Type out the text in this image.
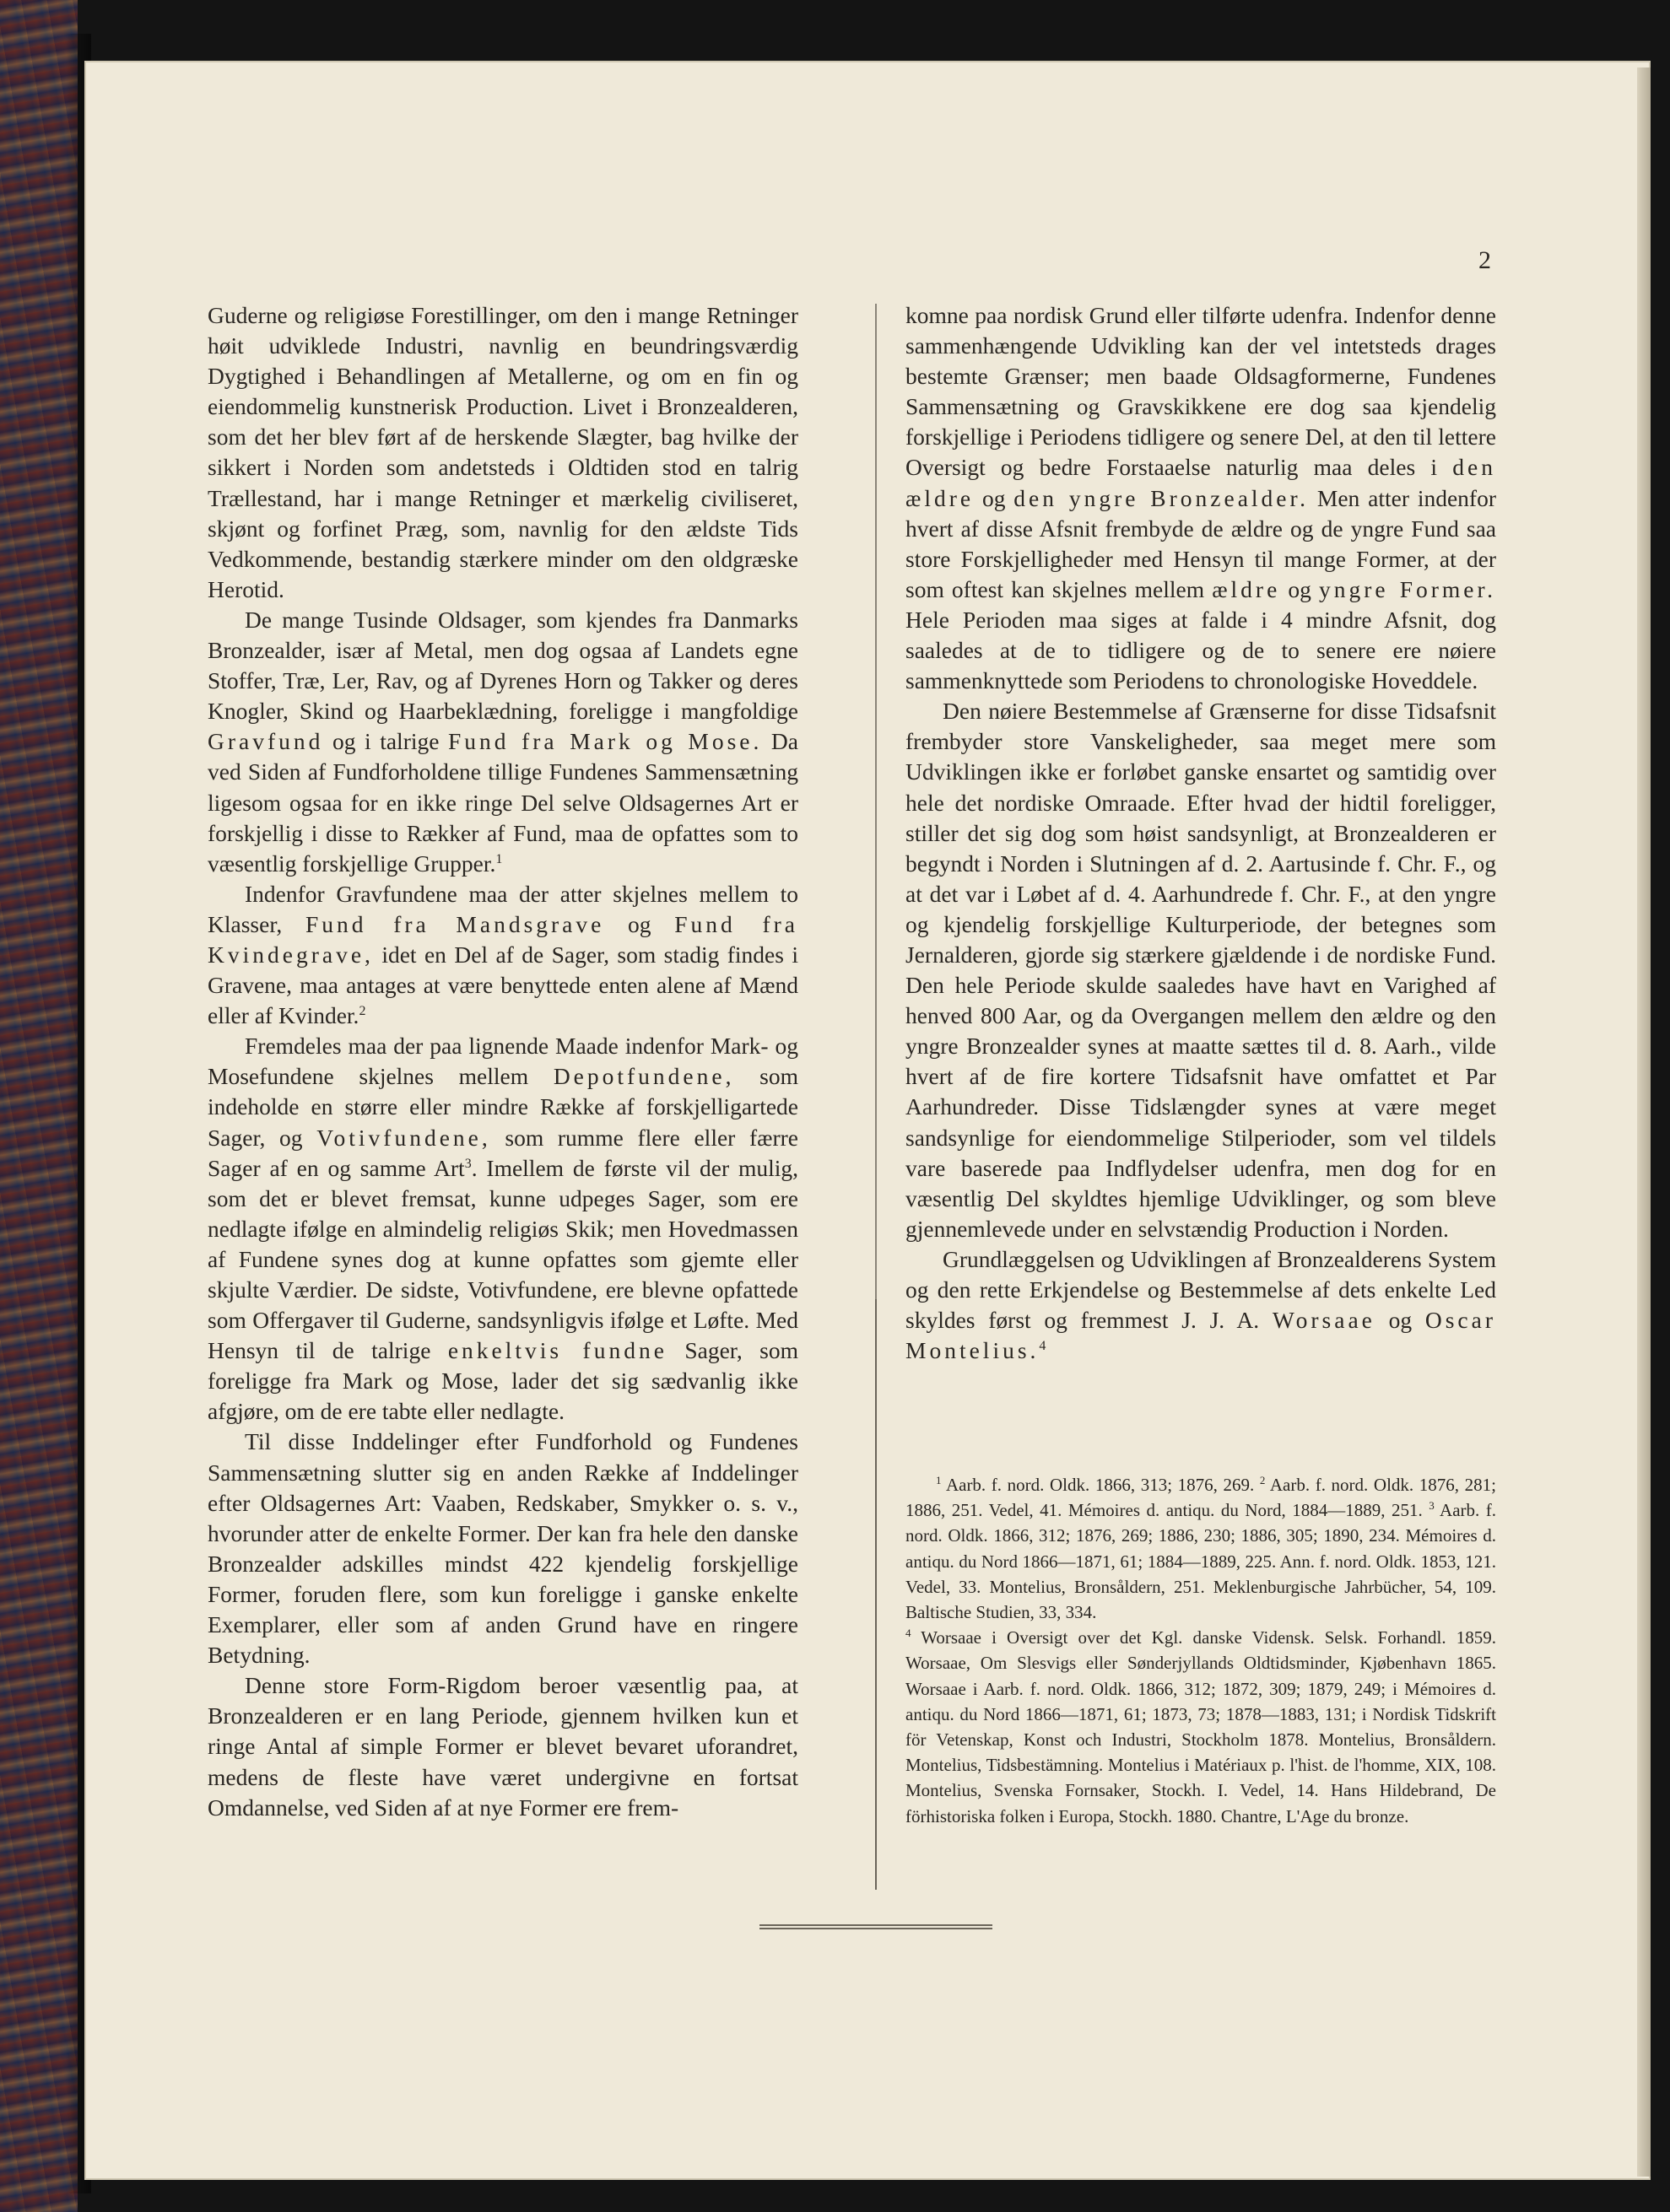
2

Guderne og religiøse Forestillinger, om den i mange Retninger høit udviklede Industri, navnlig en beundringsværdig Dygtighed i Behandlingen af Metallerne, og om en fin og eiendommelig kunstnerisk Production. Livet i Bronzealderen, som det her blev ført af de herskende Slægter, bag hvilke der sikkert i Norden som andetsteds i Oldtiden stod en talrig Trællestand, har i mange Retninger et mærkelig civiliseret, skjønt og forfinet Præg, som, navnlig for den ældste Tids Vedkommende, bestandig stærkere minder om den oldgræske Herotid.

De mange Tusinde Oldsager, som kjendes fra Danmarks Bronzealder, især af Metal, men dog ogsaa af Landets egne Stoffer, Træ, Ler, Rav, og af Dyrenes Horn og Takker og deres Knogler, Skind og Haarbeklædning, foreligge i mangfoldige Gravfund og i talrige Fund fra Mark og Mose. Da ved Siden af Fundforholdene tillige Fundenes Sammensætning ligesom ogsaa for en ikke ringe Del selve Oldsagernes Art er forskjellig i disse to Rækker af Fund, maa de opfattes som to væsentlig forskjellige Grupper.$^1$

Indenfor Gravfundene maa der atter skjelnes mellem to Klasser, Fund fra Mandsgrave og Fund fra Kvindegrave, idet en Del af de Sager, som stadig findes i Gravene, maa antages at være benyttede enten alene af Mænd eller af Kvinder.$^2$

Fremdeles maa der paa lignende Maade indenfor Mark- og Mosefundene skjelnes mellem Depotfundene, som indeholde en større eller mindre Række af forskjelligartede Sager, og Votivfundene, som rumme flere eller færre Sager af en og samme Art$^3$. Imellem de første vil der mulig, som det er blevet fremsat, kunne udpeges Sager, som ere nedlagte ifølge en almindelig religiøs Skik; men Hovedmassen af Fundene synes dog at kunne opfattes som gjemte eller skjulte Værdier. De sidste, Votivfundene, ere blevne opfattede som Offergaver til Guderne, sandsynligvis ifølge et Løfte. Med Hensyn til de talrige enkeltvis fundne Sager, som foreligge fra Mark og Mose, lader det sig sædvanlig ikke afgjøre, om de ere tabte eller nedlagte.

Til disse Inddelinger efter Fundforhold og Fundenes Sammensætning slutter sig en anden Række af Inddelinger efter Oldsagernes Art: Vaaben, Redskaber, Smykker o. s. v., hvorunder atter de enkelte Former. Der kan fra hele den danske Bronzealder adskilles mindst 422 kjendelig forskjellige Former, foruden flere, som kun foreligge i ganske enkelte Exemplarer, eller som af anden Grund have en ringere Betydning.

Denne store Form-Rigdom beroer væsentlig paa, at Bronzealderen er en lang Periode, gjennem hvilken kun et ringe Antal af simple Former er blevet bevaret uforandret, medens de fleste have været undergivne en fortsat Omdannelse, ved Siden af at nye Former ere frem-

komne paa nordisk Grund eller tilførte udenfra. Indenfor denne sammenhængende Udvikling kan der vel intetsteds drages bestemte Grænser; men baade Oldsagformerne, Fundenes Sammensætning og Gravskikkene ere dog saa kjendelig forskjellige i Periodens tidligere og senere Del, at den til lettere Oversigt og bedre Forstaaelse naturlig maa deles i den ældre og den yngre Bronzealder. Men atter indenfor hvert af disse Afsnit frembyde de ældre og de yngre Fund saa store Forskjelligheder med Hensyn til mange Former, at der som oftest kan skjelnes mellem ældre og yngre Former. Hele Perioden maa siges at falde i 4 mindre Afsnit, dog saaledes at de to tidligere og de to senere ere nøiere sammenknyttede som Periodens to chronologiske Hoveddele.

Den nøiere Bestemmelse af Grænserne for disse Tidsafsnit frembyder store Vanskeligheder, saa meget mere som Udviklingen ikke er forløbet ganske ensartet og samtidig over hele det nordiske Omraade. Efter hvad der hidtil foreligger, stiller det sig dog som høist sandsynligt, at Bronzealderen er begyndt i Norden i Slutningen af d. 2. Aartusinde f. Chr. F., og at det var i Løbet af d. 4. Aarhundrede f. Chr. F., at den yngre og kjendelig forskjellige Kulturperiode, der betegnes som Jernalderen, gjorde sig stærkere gjældende i de nordiske Fund. Den hele Periode skulde saaledes have havt en Varighed af henved 800 Aar, og da Overgangen mellem den ældre og den yngre Bronzealder synes at maatte sættes til d. 8. Aarh., vilde hvert af de fire kortere Tidsafsnit have omfattet et Par Aarhundreder. Disse Tidslængder synes at være meget sandsynlige for eiendommelige Stilperioder, som vel tildels vare baserede paa Indflydelser udenfra, men dog for en væsentlig Del skyldtes hjemlige Udviklinger, og som bleve gjennemlevede under en selvstændig Production i Norden.

Grundlæggelsen og Udviklingen af Bronzealderens System og den rette Erkjendelse og Bestemmelse af dets enkelte Led skyldes først og fremmest J. J. A. Worsaae og Oscar Montelius.$^4$

$^1$ Aarb. f. nord. Oldk. 1866, 313; 1876, 269. $^2$ Aarb. f. nord. Oldk. 1876, 281; 1886, 251. Vedel, 41. Mémoires d. antiqu. du Nord, 1884—1889, 251. $^3$ Aarb. f. nord. Oldk. 1866, 312; 1876, 269; 1886, 230; 1886, 305; 1890, 234. Mémoires d. antiqu. du Nord 1866—1871, 61; 1884—1889, 225. Ann. f. nord. Oldk. 1853, 121. Vedel, 33. Montelius, Bronsåldern, 251. Meklenburgische Jahrbücher, 54, 109. Baltische Studien, 33, 334.
$^4$ Worsaae i Oversigt over det Kgl. danske Vidensk. Selsk. Forhandl. 1859. Worsaae, Om Slesvigs eller Sønderjyllands Oldtidsminder, Kjøbenhavn 1865. Worsaae i Aarb. f. nord. Oldk. 1866, 312; 1872, 309; 1879, 249; i Mémoires d. antiqu. du Nord 1866—1871, 61; 1873, 73; 1878—1883, 131; i Nordisk Tidskrift för Vetenskap, Konst och Industri, Stockholm 1878. Montelius, Bronsåldern. Montelius, Tidsbestämning. Montelius i Matériaux p. l'hist. de l'homme, XIX, 108. Montelius, Svenska Fornsaker, Stockh. I. Vedel, 14. Hans Hildebrand, De förhistoriska folken i Europa, Stockh. 1880. Chantre, L'Age du bronze.
